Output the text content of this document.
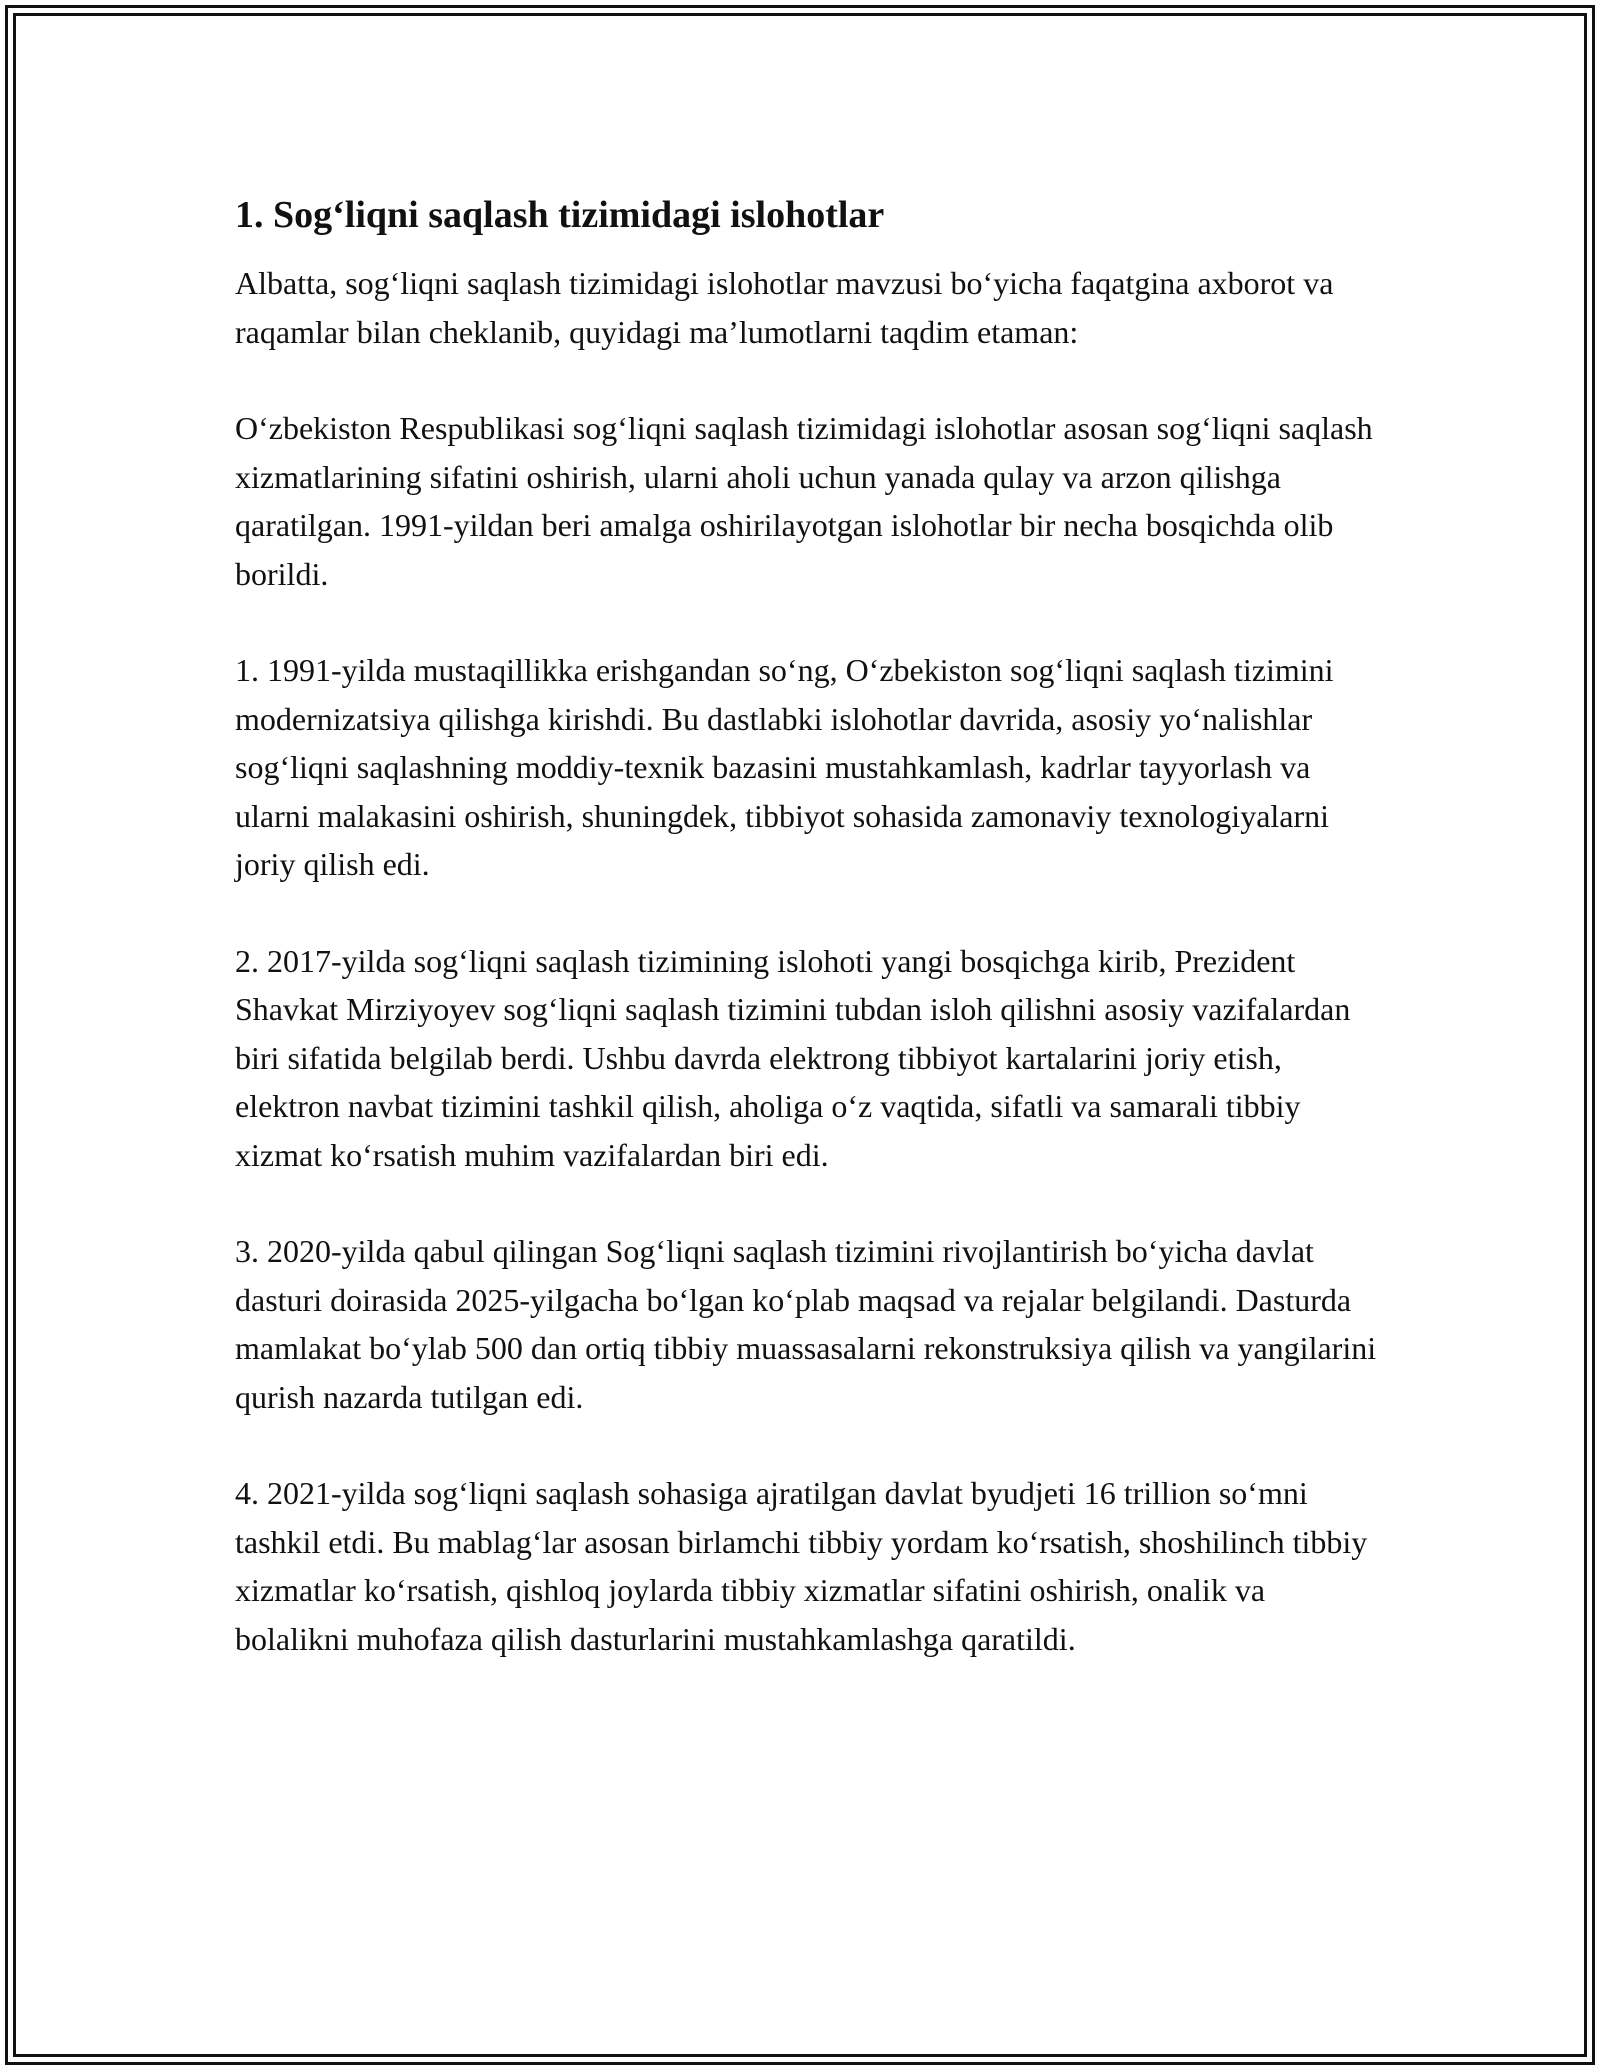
1. Sog‘liqni saqlash tizimidagi islohotlar

Albatta, sog‘liqni saqlash tizimidagi islohotlar mavzusi bo‘yicha faqatgina axborot va raqamlar bilan cheklanib, quyidagi ma’lumotlarni taqdim etaman:

O‘zbekiston Respublikasi sog‘liqni saqlash tizimidagi islohotlar asosan sog‘liqni saqlash xizmatlarining sifatini oshirish, ularni aholi uchun yanada qulay va arzon qilishga qaratilgan. 1991-yildan beri amalga oshirilayotgan islohotlar bir necha bosqichda olib borildi.

1. 1991-yilda mustaqillikka erishgandan so‘ng, O‘zbekiston sog‘liqni saqlash tizimini modernizatsiya qilishga kirishdi. Bu dastlabki islohotlar davrida, asosiy yo‘nalishlar sog‘liqni saqlashning moddiy-texnik bazasini mustahkamlash, kadrlar tayyorlash va ularni malakasini oshirish, shuningdek, tibbiyot sohasida zamonaviy texnologiyalarni joriy qilish edi.

2. 2017-yilda sog‘liqni saqlash tizimining islohoti yangi bosqichga kirib, Prezident Shavkat Mirziyoyev sog‘liqni saqlash tizimini tubdan isloh qilishni asosiy vazifalardan biri sifatida belgilab berdi. Ushbu davrda elektrong tibbiyot kartalarini joriy etish, elektron navbat tizimini tashkil qilish, aholiga o‘z vaqtida, sifatli va samarali tibbiy xizmat ko‘rsatish muhim vazifalardan biri edi.

3. 2020-yilda qabul qilingan Sog‘liqni saqlash tizimini rivojlantirish bo‘yicha davlat dasturi doirasida 2025-yilgacha bo‘lgan ko‘plab maqsad va rejalar belgilandi. Dasturda mamlakat bo‘ylab 500 dan ortiq tibbiy muassasalarni rekonstruksiya qilish va yangilarini qurish nazarda tutilgan edi.

4. 2021-yilda sog‘liqni saqlash sohasiga ajratilgan davlat byudjeti 16 trillion so‘mni tashkil etdi. Bu mablag‘lar asosan birlamchi tibbiy yordam ko‘rsatish, shoshilinch tibbiy xizmatlar ko‘rsatish, qishloq joylarda tibbiy xizmatlar sifatini oshirish, onalik va bolalikni muhofaza qilish dasturlarini mustahkamlashga qaratildi.
